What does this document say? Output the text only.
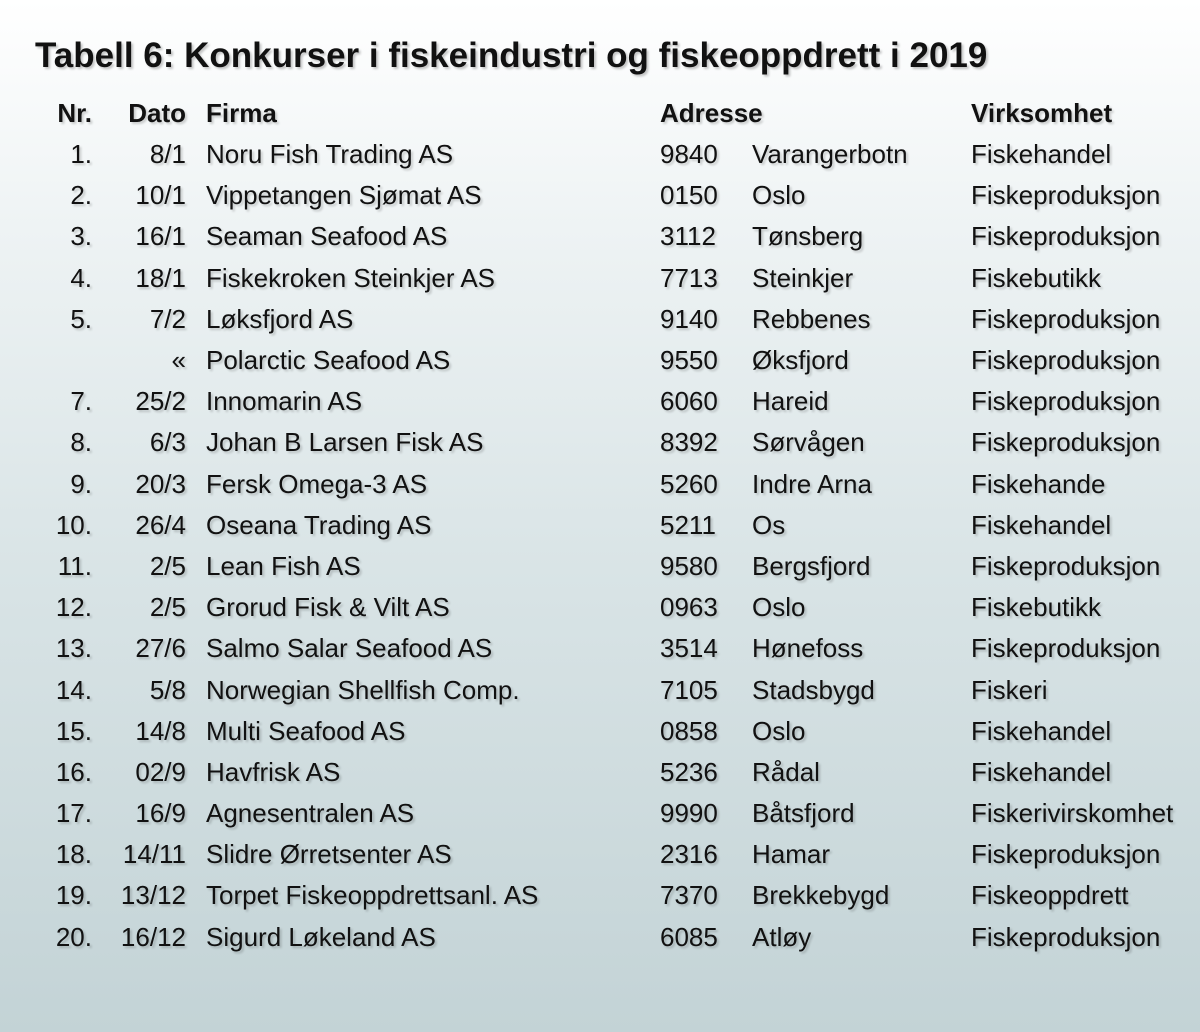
Tabell 6: Konkurser i fiskeindustri og fiskeoppdrett i 2019
Nr.	Dato	Firma	Adresse		Virksomhet
1.	8/1	Noru Fish Trading AS	9840	Varangerbotn	Fiskehandel
2.	10/1	Vippetangen Sjømat AS	0150	Oslo	Fiskeproduksjon
3.	16/1	Seaman Seafood AS	3112	Tønsberg	Fiskeproduksjon
4.	18/1	Fiskekroken Steinkjer AS	7713	Steinkjer	Fiskebutikk
5.	7/2	Løksfjord AS	9140	Rebbenes	Fiskeproduksjon
	«	Polarctic Seafood AS	9550	Øksfjord	Fiskeproduksjon
7.	25/2	Innomarin AS	6060	Hareid	Fiskeproduksjon
8.	6/3	Johan B Larsen Fisk AS	8392	Sørvågen	Fiskeproduksjon
9.	20/3	Fersk Omega-3 AS	5260	Indre Arna	Fiskehande
10.	26/4	Oseana Trading AS	5211	Os	Fiskehandel
11.	2/5	Lean Fish AS	9580	Bergsfjord	Fiskeproduksjon
12.	2/5	Grorud Fisk & Vilt AS	0963	Oslo	Fiskebutikk
13.	27/6	Salmo Salar Seafood AS	3514	Hønefoss	Fiskeproduksjon
14.	5/8	Norwegian Shellfish Comp.	7105	Stadsbygd	Fiskeri
15.	14/8	Multi Seafood AS	0858	Oslo	Fiskehandel
16.	02/9	Havfrisk AS	5236	Rådal	Fiskehandel
17.	16/9	Agnesentralen AS	9990	Båtsfjord	Fiskerivirskomhet
18.	14/11	Slidre Ørretsenter AS	2316	Hamar	Fiskeproduksjon
19.	13/12	Torpet Fiskeoppdrettsanl. AS	7370	Brekkebygd	Fiskeoppdrett
20.	16/12	Sigurd Løkeland AS	6085	Atløy	Fiskeproduksjon
